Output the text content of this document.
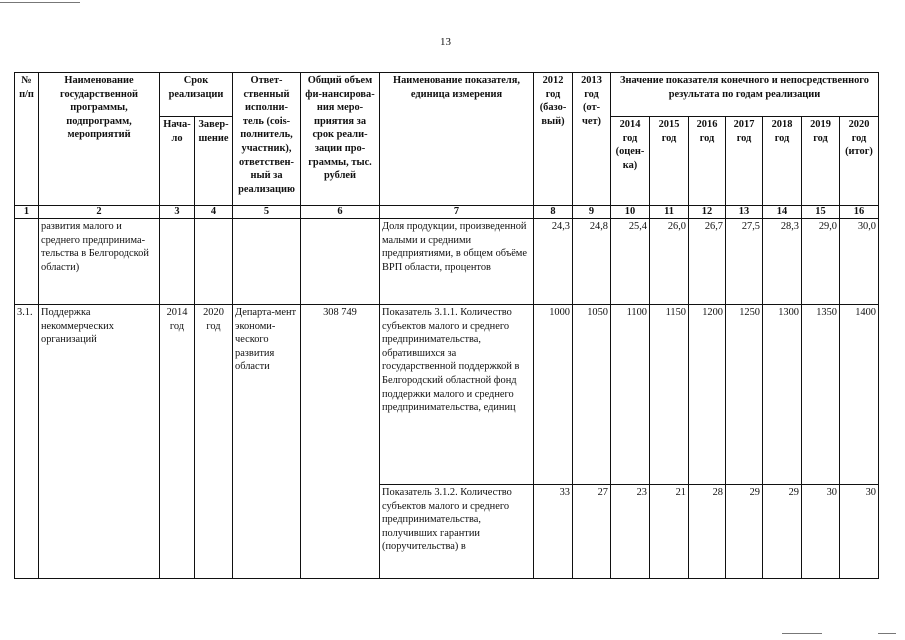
13
№ п/п	Наименование государственной программы, подпрограмм, мероприятий	Срок реализации		Ответ-ственный исполни-тель (сois-полнитель, участник), ответствен-ный за реализацию	Общий объем фи-нансирова-ния меро-приятия за срок реали-зации про-граммы, тыс. рублей	Наименование показателя, единица измерения	2012 год (базо-вый)	2013 год (от-чет)	Значение показателя конечного и непосредственного результата по годам реализации						
		Нача-ло	Завер-шение						2014 год (оцен-ка)	2015 год	2016 год	2017 год	2018 год	2019 год	2020 год (итог)
1	2	3	4	5	6	7	8	9	10	11	12	13	14	15	16
	развития малого и среднего предпринима-тельства в Белгородской области)					Доля продукции, произведенной малыми и средними предприятиями, в общем объёме ВРП области, процентов	24,3	24,8	25,4	26,0	26,7	27,5	28,3	29,0	30,0
3.1.	Поддержка некоммерческих организаций	2014 год	2020 год	Департа-мент экономи-ческого развития области	308 749	Показатель 3.1.1. Количество субъектов малого и среднего предпринимательства, обратившихся за государственной поддержкой в Белгородский областной фонд поддержки малого и среднего предпринимательства, единиц	1000	1050	1100	1150	1200	1250	1300	1350	1400
						Показатель 3.1.2. Количество субъектов малого и среднего предпринимательства, получивших гарантии (поручительства) в	33	27	23	21	28	29	29	30	30
